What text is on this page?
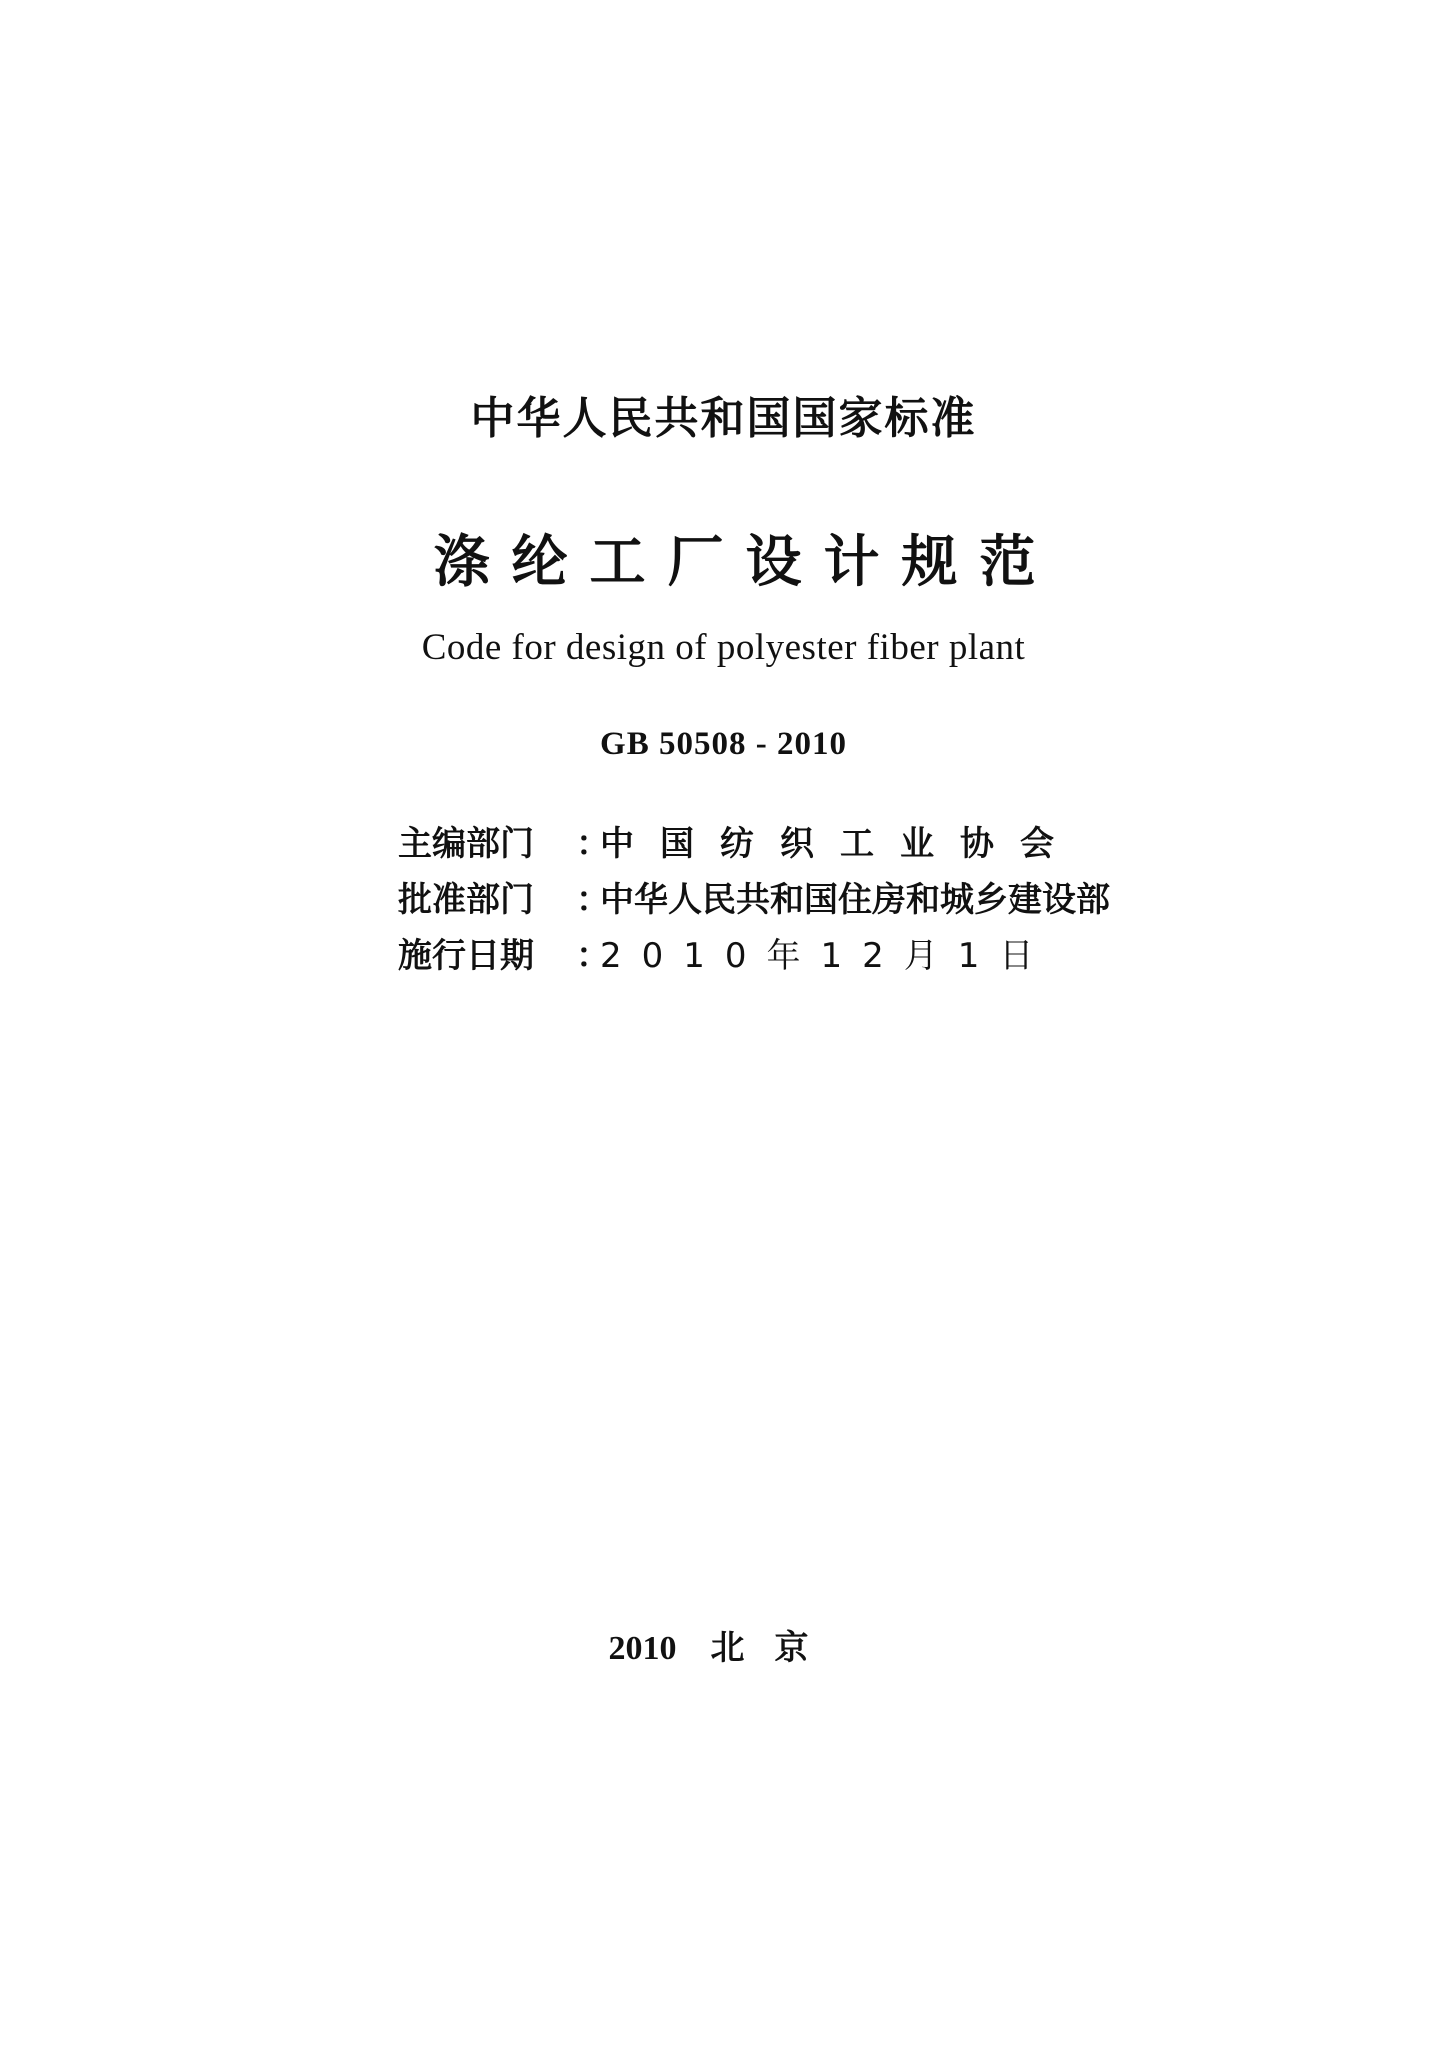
中华人民共和国国家标准
涤纶工厂设计规范
Code for design of polyester fiber plant
GB 50508 - 2010
主编部门	：
中国纺织工业协会
批准部门	：
中华人民共和国住房和城乡建设部
施行日期	：
2010年12月1日
2010 北京
